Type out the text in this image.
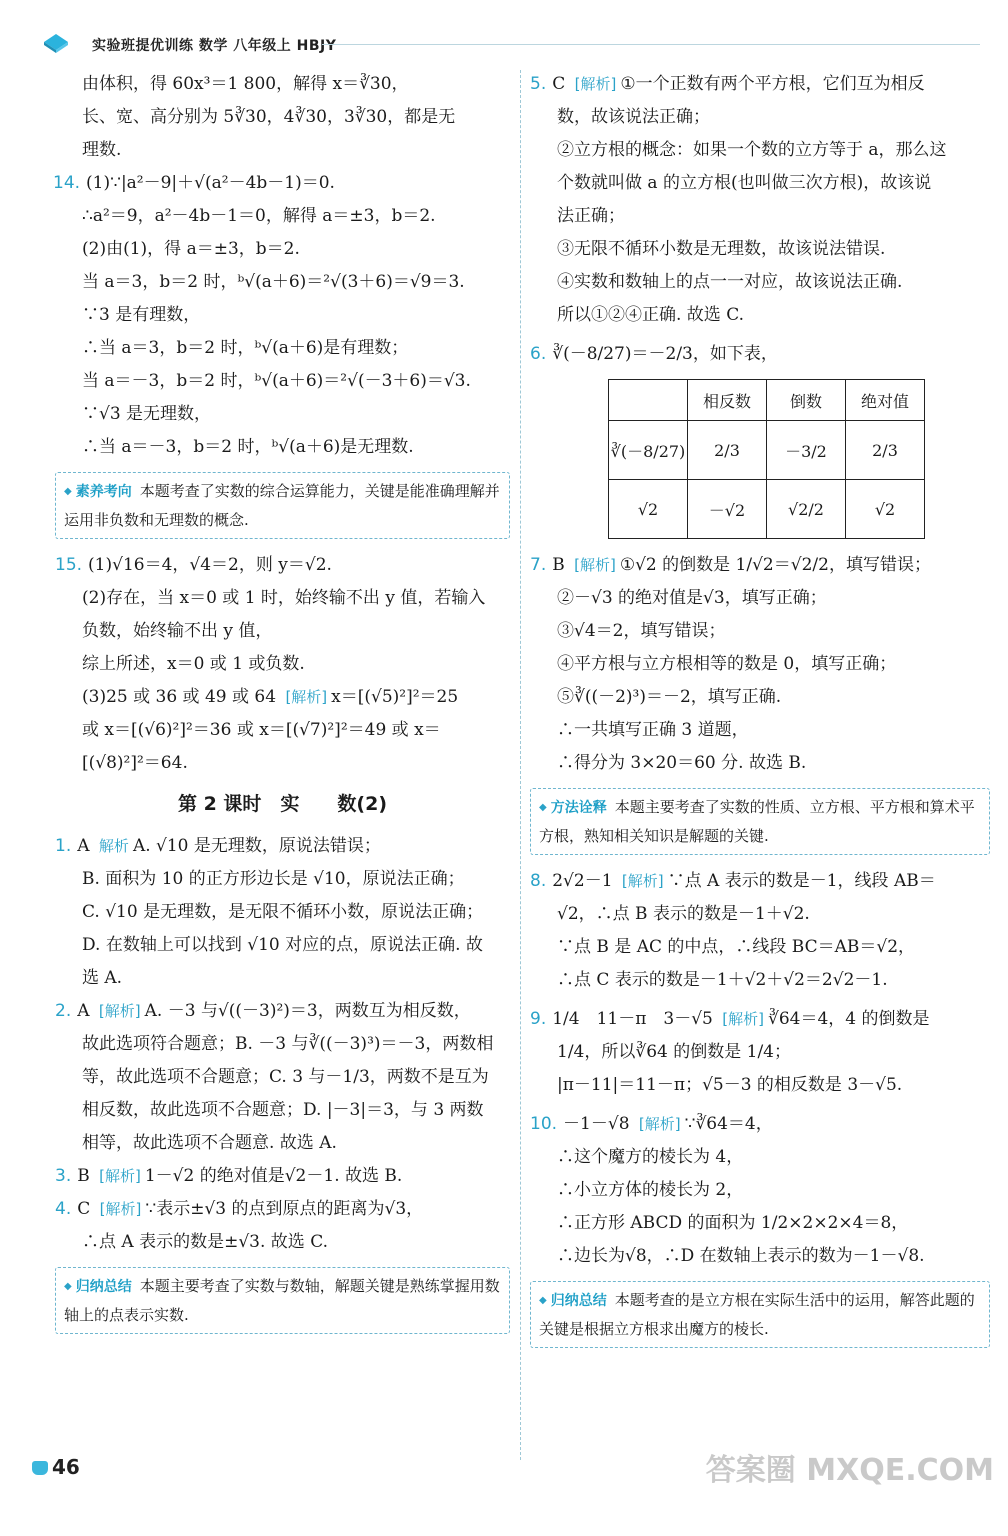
实验班提优训练 数学 八年级上 HBJY
由体积，得 60x³＝1 800，解得 x＝∛30，
长、宽、高分别为 5∛30，4∛30，3∛30，都是无
理数.
14. (1)∵|a²－9|＋√(a²－4b－1)＝0.
∴a²＝9，a²－4b－1＝0，解得 a＝±3，b＝2.
(2)由(1)，得 a＝±3，b＝2.
当 a＝3，b＝2 时，ᵇ√(a＋6)＝²√(3＋6)＝√9＝3.
∵3 是有理数，
∴当 a＝3，b＝2 时，ᵇ√(a＋6)是有理数；
当 a＝－3，b＝2 时，ᵇ√(a＋6)＝²√(－3＋6)＝√3.
∵√3 是无理数，
∴当 a＝－3，b＝2 时，ᵇ√(a＋6)是无理数.
◆ 素养考向 本题考查了实数的综合运算能力，关键是能准确理解并运用非负数和无理数的概念.
15. (1)√16＝4，√4＝2，则 y＝√2.
(2)存在，当 x＝0 或 1 时，始终输不出 y 值，若输入
负数，始终输不出 y 值，
综上所述，x＝0 或 1 或负数.
(3)25 或 36 或 49 或 64 [解析] x＝[(√5)²]²＝25
或 x＝[(√6)²]²＝36 或 x＝[(√7)²]²＝49 或 x＝
[(√8)²]²＝64.
第 2 课时　实　　数(2)
1. A 解析 A. √10 是无理数，原说法错误；
B. 面积为 10 的正方形边长是 √10，原说法正确；
C. √10 是无理数，是无限不循环小数，原说法正确；
D. 在数轴上可以找到 √10 对应的点，原说法正确. 故
选 A.
2. A [解析] A. －3 与√((－3)²)＝3，两数互为相反数，
故此选项符合题意；B. －3 与∛((－3)³)＝－3，两数相
等，故此选项不合题意；C. 3 与－1/3，两数不是互为
相反数，故此选项不合题意；D. |－3|＝3，与 3 两数
相等，故此选项不合题意. 故选 A.
3. B [解析] 1－√2 的绝对值是√2－1. 故选 B.
4. C [解析] ∵表示±√3 的点到原点的距离为√3，
∴点 A 表示的数是±√3. 故选 C.
◆ 归纳总结 本题主要考查了实数与数轴，解题关键是熟练掌握用数轴上的点表示实数.
5. C [解析] ①一个正数有两个平方根，它们互为相反
数，故该说法正确；
②立方根的概念：如果一个数的立方等于 a，那么这
个数就叫做 a 的立方根(也叫做三次方根)，故该说
法正确；
③无限不循环小数是无理数，故该说法错误.
④实数和数轴上的点一一对应，故该说法正确.
所以①②④正确. 故选 C.
6. ∛(－8/27)＝－2/3，如下表，
	相反数	倒数	绝对值
∛(－8/27)	2/3	－3/2	2/3
√2	－√2	√2/2	√2
7. B [解析] ①√2 的倒数是 1/√2＝√2/2，填写错误；
②－√3 的绝对值是√3，填写正确；
③√4＝2，填写错误；
④平方根与立方根相等的数是 0，填写正确；
⑤∛((－2)³)＝－2，填写正确.
∴一共填写正确 3 道题，
∴得分为 3×20＝60 分. 故选 B.
◆ 方法诠释 本题主要考查了实数的性质、立方根、平方根和算术平方根，熟知相关知识是解题的关键.
8. 2√2－1 [解析] ∵点 A 表示的数是－1，线段 AB＝
√2，∴点 B 表示的数是－1＋√2.
∵点 B 是 AC 的中点，∴线段 BC＝AB＝√2，
∴点 C 表示的数是－1＋√2＋√2＝2√2－1.
9. 1/4　11－π　3－√5 [解析] ∛64＝4，4 的倒数是
1/4，所以∛64 的倒数是 1/4；
|π－11|＝11－π；√5－3 的相反数是 3－√5.
10. －1－√8 [解析] ∵∛64＝4，
∴这个魔方的棱长为 4，
∴小立方体的棱长为 2，
∴正方形 ABCD 的面积为 1/2×2×2×4＝8，
∴边长为√8，∴D 在数轴上表示的数为－1－√8.
◆ 归纳总结 本题考查的是立方根在实际生活中的运用，解答此题的关键是根据立方根求出魔方的棱长.
46	答案圈 MXQE.COM
